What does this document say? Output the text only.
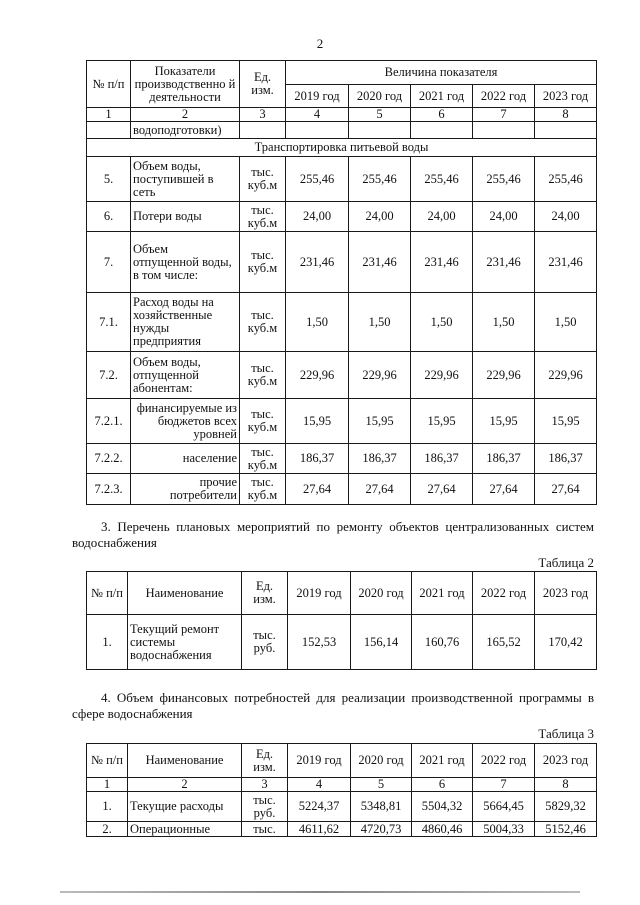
2
№ п/п	Показатели производственно й деятельности	Ед. изм.	Величина показателя				
			2019 год	2020 год	2021 год	2022 год	2023 год
1	2	3	4	5	6	7	8
	водоподготовки)						
Транспортировка питьевой воды							
5.	Объем воды, поступившей в сеть	тыс. куб.м	255,46	255,46	255,46	255,46	255,46
6.	Потери воды	тыс. куб.м	24,00	24,00	24,00	24,00	24,00
7.	Объем отпущенной воды, в том числе:	тыс. куб.м	231,46	231,46	231,46	231,46	231,46
7.1.	Расход воды на хозяйственные нужды предприятия	тыс. куб.м	1,50	1,50	1,50	1,50	1,50
7.2.	Объем воды, отпущенной абонентам:	тыс. куб.м	229,96	229,96	229,96	229,96	229,96
7.2.1.	финансируемые из бюджетов всех уровней	тыс. куб.м	15,95	15,95	15,95	15,95	15,95
7.2.2.	население	тыс. куб.м	186,37	186,37	186,37	186,37	186,37
7.2.3.	прочие потребители	тыс. куб.м	27,64	27,64	27,64	27,64	27,64
3. Перечень плановых мероприятий по ремонту объектов централизованных систем водоснабжения
Таблица 2
№ п/п	Наименование	Ед. изм.	2019 год	2020 год	2021 год	2022 год	2023 год
1.	Текущий ремонт системы водоснабжения	тыс. руб.	152,53	156,14	160,76	165,52	170,42
4. Объем финансовых потребностей для реализации производственной программы в сфере водоснабжения
Таблица 3
№ п/п	Наименование	Ед. изм.	2019 год	2020 год	2021 год	2022 год	2023 год
1	2	3	4	5	6	7	8
1.	Текущие расходы	тыс. руб.	5224,37	5348,81	5504,32	5664,45	5829,32
2.	Операционные	тыс.	4611,62	4720,73	4860,46	5004,33	5152,46
